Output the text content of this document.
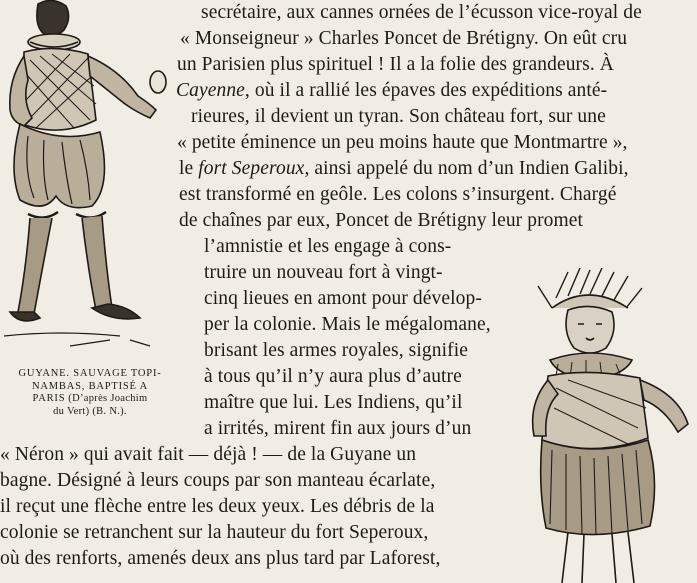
GUYANE. SAUVAGE TOPI-
NAMBAS, BAPTISÉ A
PARIS (D’après Joachim
du Vert) (B. N.).
secrétaire, aux cannes ornées de l’écusson vice-royal de
« Monseigneur » Charles Poncet de Brétigny. On eût cru
un Parisien plus spirituel ! Il a la folie des grandeurs. À
Cayenne, où il a rallié les épaves des expéditions anté-
rieures, il devient un tyran. Son château fort, sur une
« petite éminence un peu moins haute que Montmartre »,
le fort Seperoux, ainsi appelé du nom d’un Indien Galibi,
est transformé en geôle. Les colons s’insurgent. Chargé
de chaînes par eux, Poncet de Brétigny leur promet
l’amnistie et les engage à cons-
truire un nouveau fort à vingt-
cinq lieues en amont pour dévelop-
per la colonie. Mais le mégalomane,
brisant les armes royales, signifie
à tous qu’il n’y aura plus d’autre
maître que lui. Les Indiens, qu’il
a irrités, mirent fin aux jours d’un
« Néron » qui avait fait — déjà ! — de la Guyane un
bagne. Désigné à leurs coups par son manteau écarlate,
il reçut une flèche entre les deux yeux. Les débris de la
colonie se retranchent sur la hauteur du fort Seperoux,
où des renforts, amenés deux ans plus tard par Laforest,
